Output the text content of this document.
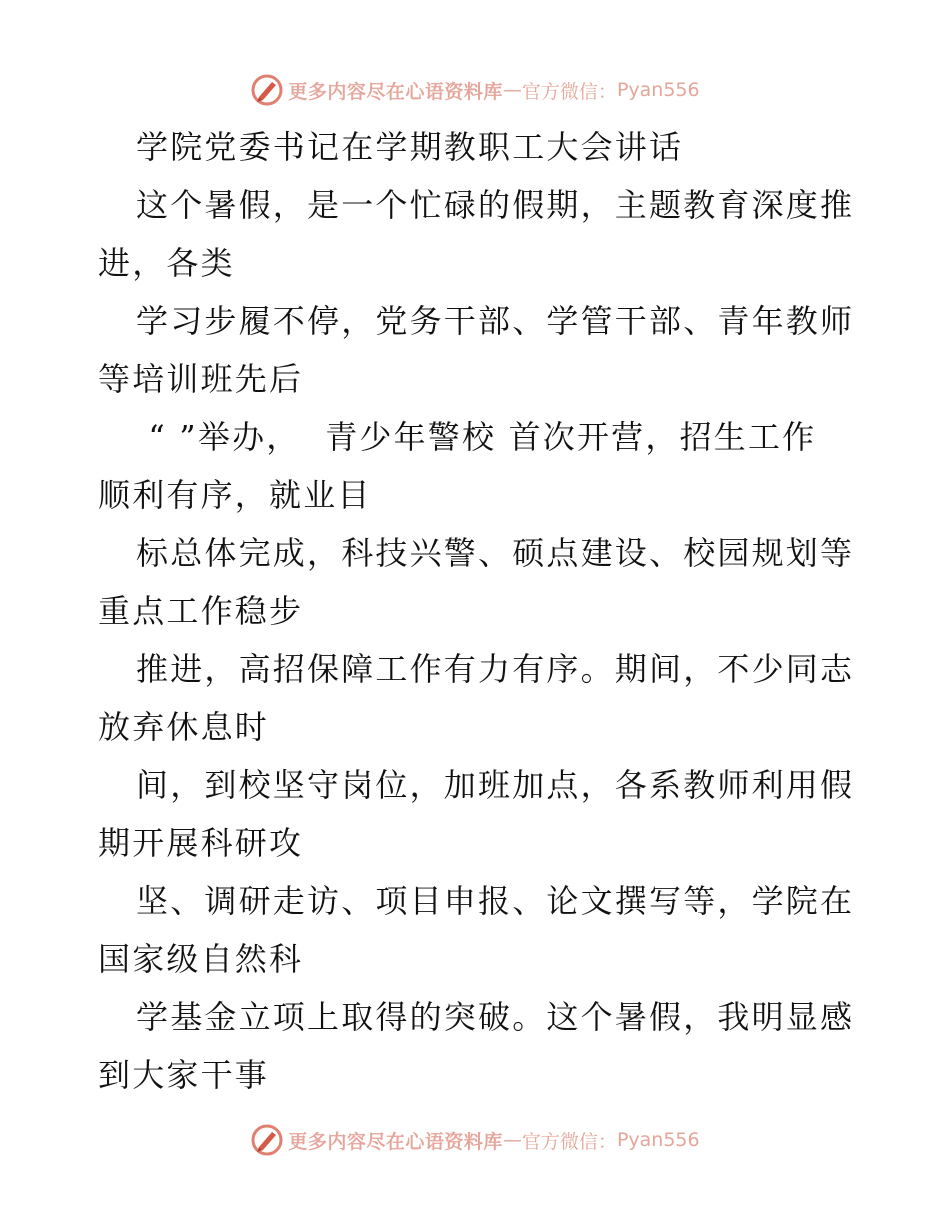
更多内容尽在心语资料库 — 官方微信： Pyan556
学院党委书记在学期教职工大会讲话
这个暑假，是一个忙碌的假期，主题教育深度推
进，各类
学习步履不停，党务干部、学管干部、青年教师
等培训班先后
“ ”举办，  青少年警校 首次开营，招生工作
顺利有序，就业目
标总体完成，科技兴警、硕点建设、校园规划等
重点工作稳步
推进，高招保障工作有力有序。期间，不少同志
放弃休息时
间，到校坚守岗位，加班加点，各系教师利用假
期开展科研攻
坚、调研走访、项目申报、论文撰写等，学院在
国家级自然科
学基金立项上取得的突破。这个暑假，我明显感
到大家干事
更多内容尽在心语资料库 — 官方微信： Pyan556
